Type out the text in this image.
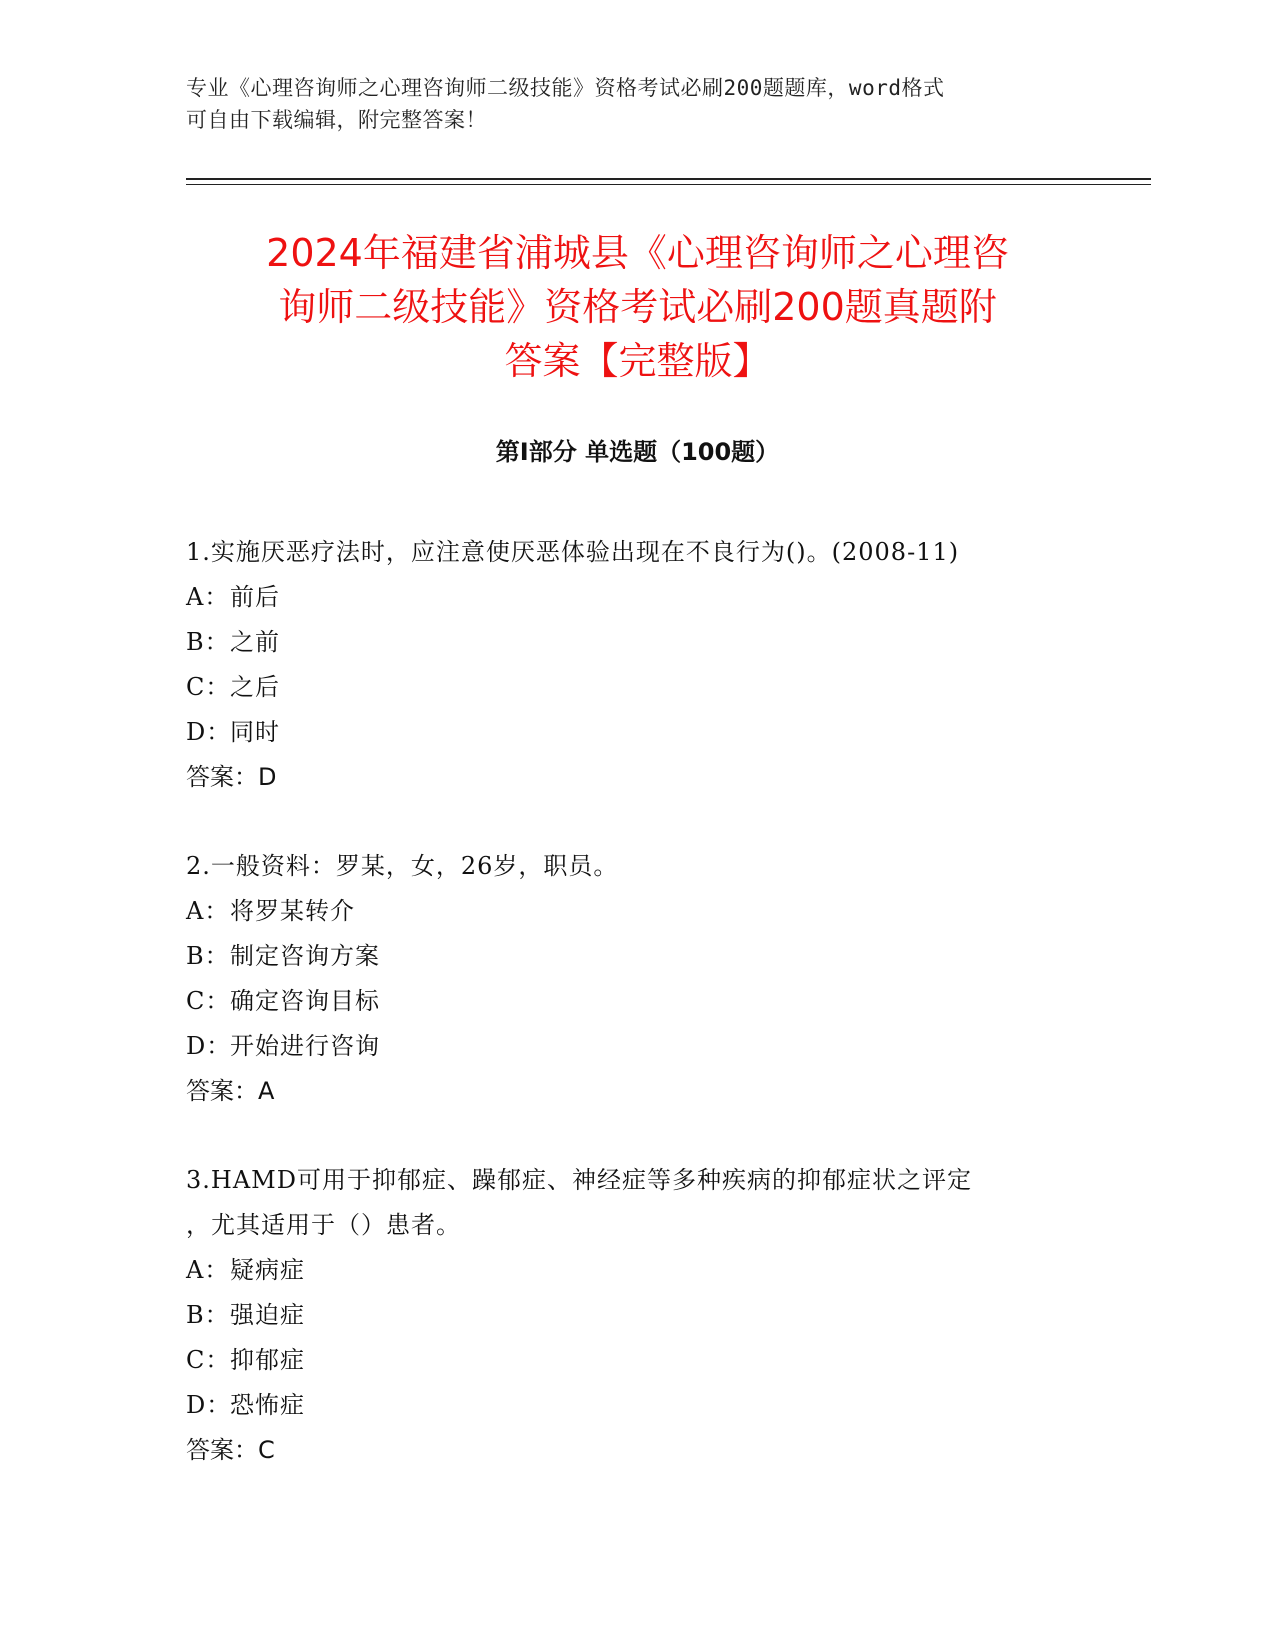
专业《心理咨询师之心理咨询师二级技能》资格考试必刷200题题库，word格式
可自由下载编辑，附完整答案！
2024年福建省浦城县《心理咨询师之心理咨
询师二级技能》资格考试必刷200题真题附
答案【完整版】
第Ⅰ部分 单选题（100题）
1.实施厌恶疗法时，应注意使厌恶体验出现在不良行为()。(2008-11)
A：前后
B：之前
C：之后
D：同时
答案：D
2.一般资料：罗某，女，26岁，职员。
A：将罗某转介
B：制定咨询方案
C：确定咨询目标
D：开始进行咨询
答案：A
3.HAMD可用于抑郁症、躁郁症、神经症等多种疾病的抑郁症状之评定
，尤其适用于（）患者。
A：疑病症
B：强迫症
C：抑郁症
D：恐怖症
答案：C
